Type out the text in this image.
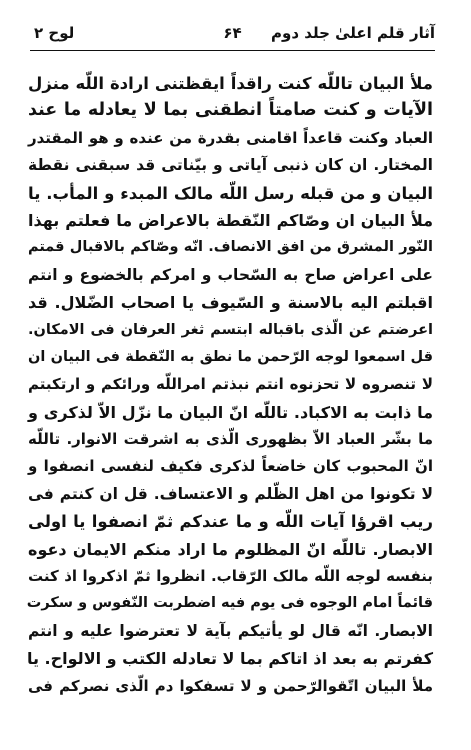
لوح ۲	۶۴ آثار قلم اعلیٰ جلد دوم
ملأ البیان تاللّه کنت راقداً ایقظتنی ارادة اللّه منزل
الآیات و کنت صامتاً انطقنی بما لا یعادله ما عند
العباد وکنت قاعداً اقامنی بقدرة من عنده و هو المقتدر
المختار. ان کان ذنبی آیاتی و بیّناتی قد سبقنی نقطة
البیان و من قبله رسل اللّه مالک المبدء و المأب. یا
ملأ البیان ان وصّاکم النّقطة بالاعراض ما فعلتم بهذا
النّور المشرق من افق الانصاف. انّه وصّاکم بالاقبال قمتم
علی اعراض صاح به السّحاب و امرکم بالخضوع و انتم
اقبلتم الیه بالاسنة و السّیوف یا اصحاب الضّلال. قد
اعرضتم عن الّذی باقباله ابتسم ثغر العرفان فی الامکان.
قل اسمعوا لوجه الرّحمن ما نطق به النّقطة فی البیان ان
لا تنصروه لا تحزنوه انتم نبذتم امراللّه ورائکم و ارتکبتم
ما ذابت به الاکباد. تاللّه انّ البیان ما نزّل الاّ لذکری و
ما بشّر العباد الاّ بظهوری الّذی به اشرقت الانوار. تاللّه
انّ المحبوب کان خاضعاً لذکری فکیف لنفسی انصفوا و
لا تکونوا من اهل الظّلم و الاعتساف. قل ان کنتم فی
ریب اقرؤا آیات اللّه و ما عندکم ثمّ انصفوا یا اولی
الابصار. تاللّه انّ المظلوم ما اراد منکم الایمان دعوه
بنفسه لوجه اللّه مالک الرّقاب. انظروا ثمّ اذکروا اذ کنت
قائماً امام الوجوه فی یوم فیه اضطربت النّفوس و سکرت
الابصار. انّه قال لو یأتیکم بآیة لا تعترضوا علیه و انتم
کفرتم به بعد اذ اتاکم بما لا تعادله الکتب و الالواح. یا
ملأ البیان اتّقوالرّحمن و لا تسفکوا دم الّذی نصرکم فی
